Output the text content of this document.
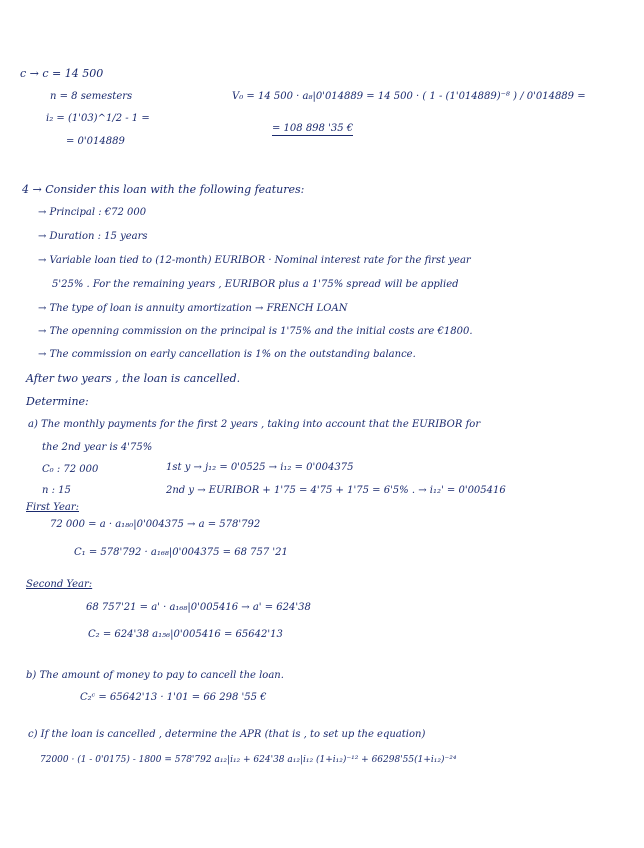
c → c = 14 500

n = 8 semesters

i₂ = (1'03)^1/2 - 1 =

= 0'014889

V₀ = 14 500 · a₈|0'014889 = 14 500 · ( 1 - (1'014889)⁻⁸ ) / 0'014889 =

= 108 898 '35 €

4 → Consider this loan with the following features:

→ Principal : €72 000

→ Duration : 15 years

→ Variable loan tied to (12-month) EURIBOR · Nominal interest rate for the first year

5'25% . For the remaining years , EURIBOR plus a 1'75% spread will be applied

→ The type of loan is annuity amortization → FRENCH LOAN

→ The openning commission on the principal is 1'75% and the initial costs are €1800.

→ The commission on early cancellation is 1% on the outstanding balance.

After two years , the loan is cancelled.

Determine:

a) The monthly payments for the first 2 years , taking into account that the EURIBOR for

the 2nd year is 4'75%

C₀ : 72 000

n : 15

1st y → j₁₂ = 0'0525 → i₁₂ = 0'004375

2nd y → EURIBOR + 1'75 = 4'75 + 1'75 = 6'5% . → i₁₂' = 0'005416

First Year:

72 000 = a · a₁₈₀|0'004375 → a = 578'792

C₁ = 578'792 · a₁₆₈|0'004375 = 68 757 '21

Second Year:

68 757'21 = a' · a₁₆₈|0'005416 → a' = 624'38

C₂ = 624'38 a₁₅₆|0'005416 = 65642'13

b) The amount of money to pay to cancell the loan.

C₂ᶜ = 65642'13 · 1'01 = 66 298 '55 €

c) If the loan is cancelled , determine the APR (that is , to set up the equation)

72000 · (1 - 0'0175) - 1800 = 578'792 a₁₂|i₁₂ + 624'38 a₁₂|i₁₂ (1+i₁₂)⁻¹² + 66298'55(1+i₁₂)⁻²⁴
